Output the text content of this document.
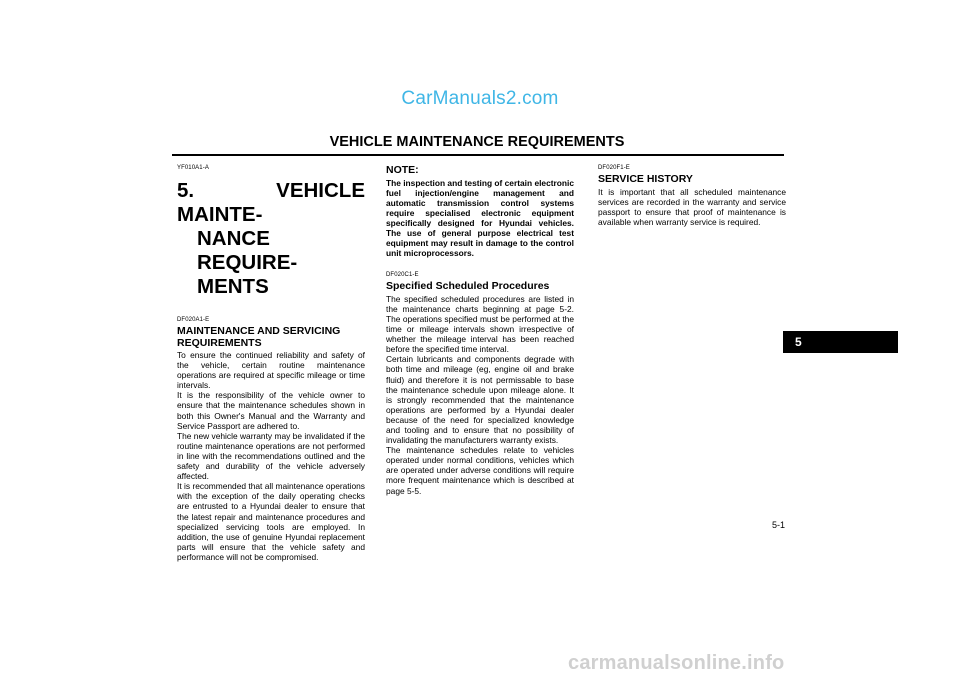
CarManuals2.com
VEHICLE MAINTENANCE REQUIREMENTS
YF010A1-A
5. VEHICLE MAINTE-
NANCE REQUIRE-
MENTS
DF020A1-E
MAINTENANCE AND SERVICING REQUIREMENTS

To ensure the continued reliability and safety of the vehicle, certain routine maintenance operations are required at specific mileage or time intervals.

It is the responsibility of the vehicle owner to ensure that the maintenance schedules shown in both this Owner's Manual and the Warranty and Service Passport are adhered to.

The new vehicle warranty may be invalidated if the routine maintenance operations are not performed in line with the recommendations outlined and the safety and durability of the vehicle adversely affected.

It is recommended that all maintenance operations with the exception of the daily operating checks are entrusted to a Hyundai dealer to ensure that the latest repair and maintenance procedures and specialized servicing tools are employed. In addition, the use of genuine Hyundai replacement parts will ensure that the vehicle safety and performance will not be compromised.

NOTE:

The inspection and testing of certain electronic fuel injection/engine management and automatic transmission control systems require specialised electronic equipment specifically designed for Hyundai vehicles. The use of general purpose electrical test equipment may result in damage to the control unit microprocessors.

DF020C1-E
Specified Scheduled Procedures

The specified scheduled procedures are listed in the maintenance charts beginning at page 5-2. The operations specified must be performed at the time or mileage intervals shown irrespective of whether the mileage interval has been reached before the specified time interval.

Certain lubricants and components degrade with both time and mileage (eg, engine oil and brake fluid) and therefore it is not permissable to base the maintenance schedule upon mileage alone. It is strongly recommended that the maintenance operations are performed by a Hyundai dealer because of the need for specialized knowledge and tooling and to ensure that no possibility of invalidating the manufacturers warranty exists.

The maintenance schedules relate to vehicles operated under normal conditions, vehicles which are operated under adverse conditions will require more frequent maintenance which is described at page 5-5.

DF020F1-E
SERVICE HISTORY

It is important that all scheduled maintenance services are recorded in the warranty and service passport to ensure that proof of maintenance is available when warranty service is required.

5
5-1
carmanualsonline.info
